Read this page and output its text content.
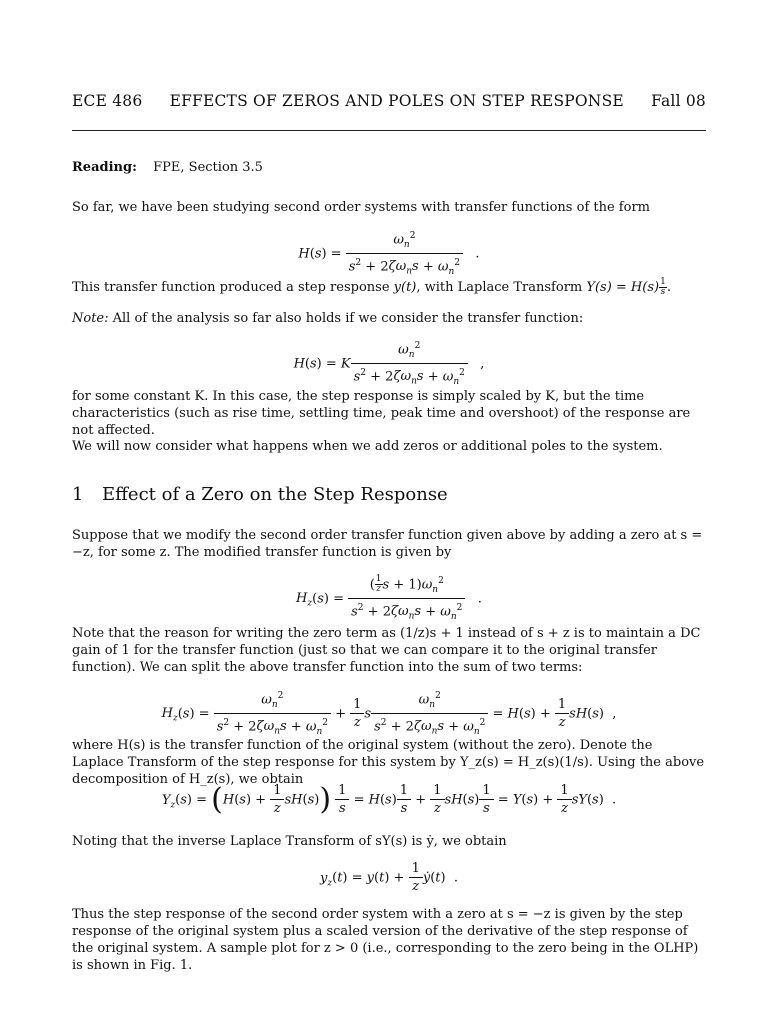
ECE 486 EFFECTS OF ZEROS AND POLES ON STEP RESPONSE Fall 08
Reading: FPE, Section 3.5
So far, we have been studying second order systems with transfer functions of the form
$H(s) = \frac{\omega_n^2}{s^2 + 2\zeta\omega_ns + \omega_n^2}$ .
This transfer function produced a step response y(t), with Laplace Transform $Y(s) = H(s) \frac{1}{s}$ .
Note: All of the analysis so far also holds if we consider the transfer function:
H(s) = K $\frac{\omega_n^2}{s^2 + 2\zeta\omega_ns + \omega_n^2}$ ,
for some constant K. In this case, the step response is simply scaled by K, but the time characteristics (such as rise time, settling time, peak time and overshoot) of the response are not affected.
We will now consider what happens when we add zeros or additional poles to the system.
1 Effect of a Zero on the Step Response
Suppose that we modify the second order transfer function given above by adding a zero at s = −z, for some z. The modified transfer function is given by
$H_z(s) = \frac{( \frac{1}{z} s + 1)\omega_n^2}{s^2 + 2\zeta\omega_ns + \omega_n^2}$ .
Note that the reason for writing the zero term as (1/z)s + 1 instead of s + z is to maintain a DC gain of 1 for the transfer function (just so that we can compare it to the original transfer function). We can split the above transfer function into the sum of two terms:
$H_z(s) = \frac{\omega_n^2}{s^2 + 2\zeta\omega_ns + \omega_n^2} + \frac{1}{z}$ s $\frac{\omega_n^2}{s^2 + 2\zeta\omega_ns + \omega_n^2} = H(s) + \frac{1}{z} sH(s)$  ,
where H(s) is the transfer function of the original system (without the zero). Denote the Laplace Transform of the step response for this system by Y_z(s) = H_z(s)(1/s). Using the above decomposition of H_z(s), we obtain
$Y_z(s) = (H(s) + \frac{1}{z} sH(s)) \frac{1}{s} = H(s) \frac{1}{s} + \frac{1}{z} sH(s) \frac{1}{s} = Y(s) + \frac{1}{z} sY(s)$  .
Noting that the inverse Laplace Transform of sY(s) is ẏ, we obtain
$y_z(t) = y(t) + \frac{1}{z}$ ẏ(t)  .
Thus the step response of the second order system with a zero at s = −z is given by the step response of the original system plus a scaled version of the derivative of the step response of the original system. A sample plot for z > 0 (i.e., corresponding to the zero being in the OLHP) is shown in Fig. 1.
